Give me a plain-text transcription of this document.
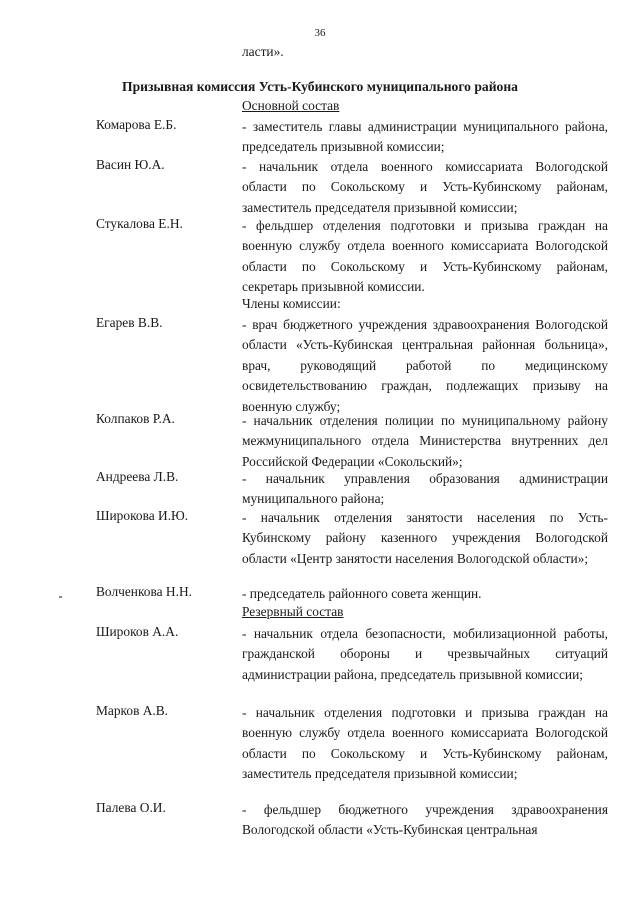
36
ласти».
Призывная комиссия Усть-Кубинского муниципального района
Основной состав
Комарова Е.Б.	- заместитель главы администрации муниципального района, председатель призывной комиссии;
Васин Ю.А.	- начальник отдела военного комиссариата Вологодской области по Сокольскому и Усть-Кубинскому районам, заместитель председателя призывной комиссии;
Стукалова Е.Н.	- фельдшер отделения подготовки и призыва граждан на военную службу отдела военного комиссариата Вологодской области по Сокольскому и Усть-Кубинскому районам, секретарь призывной комиссии.
Члены комиссии:
Егарев В.В.	- врач бюджетного учреждения здравоохранения Вологодской области «Усть-Кубинская центральная районная больница», врач, руководящий работой по медицинскому освидетельствованию граждан, подлежащих призыву на военную службу;
Колпаков Р.А.	- начальник отделения полиции по муниципальному району межмуниципального отдела Министерства внутренних дел Российской Федерации «Сокольский»;
Андреева Л.В.	- начальник управления образования администрации муниципального района;
Широкова И.Ю.	- начальник отделения занятости населения по Усть-Кубинскому району казенного учреждения Вологодской области «Центр занятости населения Вологодской области»;
Волченкова Н.Н.	- председатель районного совета женщин.
Резервный состав
Широков А.А.	- начальник отдела безопасности, мобилизационной работы, гражданской обороны и чрезвычайных ситуаций администрации района, председатель призывной комиссии;
Марков А.В.	- начальник отделения подготовки и призыва граждан на военную службу отдела военного комиссариата Вологодской области по Сокольскому и Усть-Кубинскому районам, заместитель председателя призывной комиссии;
Палева О.И.	- фельдшер бюджетного учреждения здравоохранения Вологодской области «Усть-Кубинская центральная
